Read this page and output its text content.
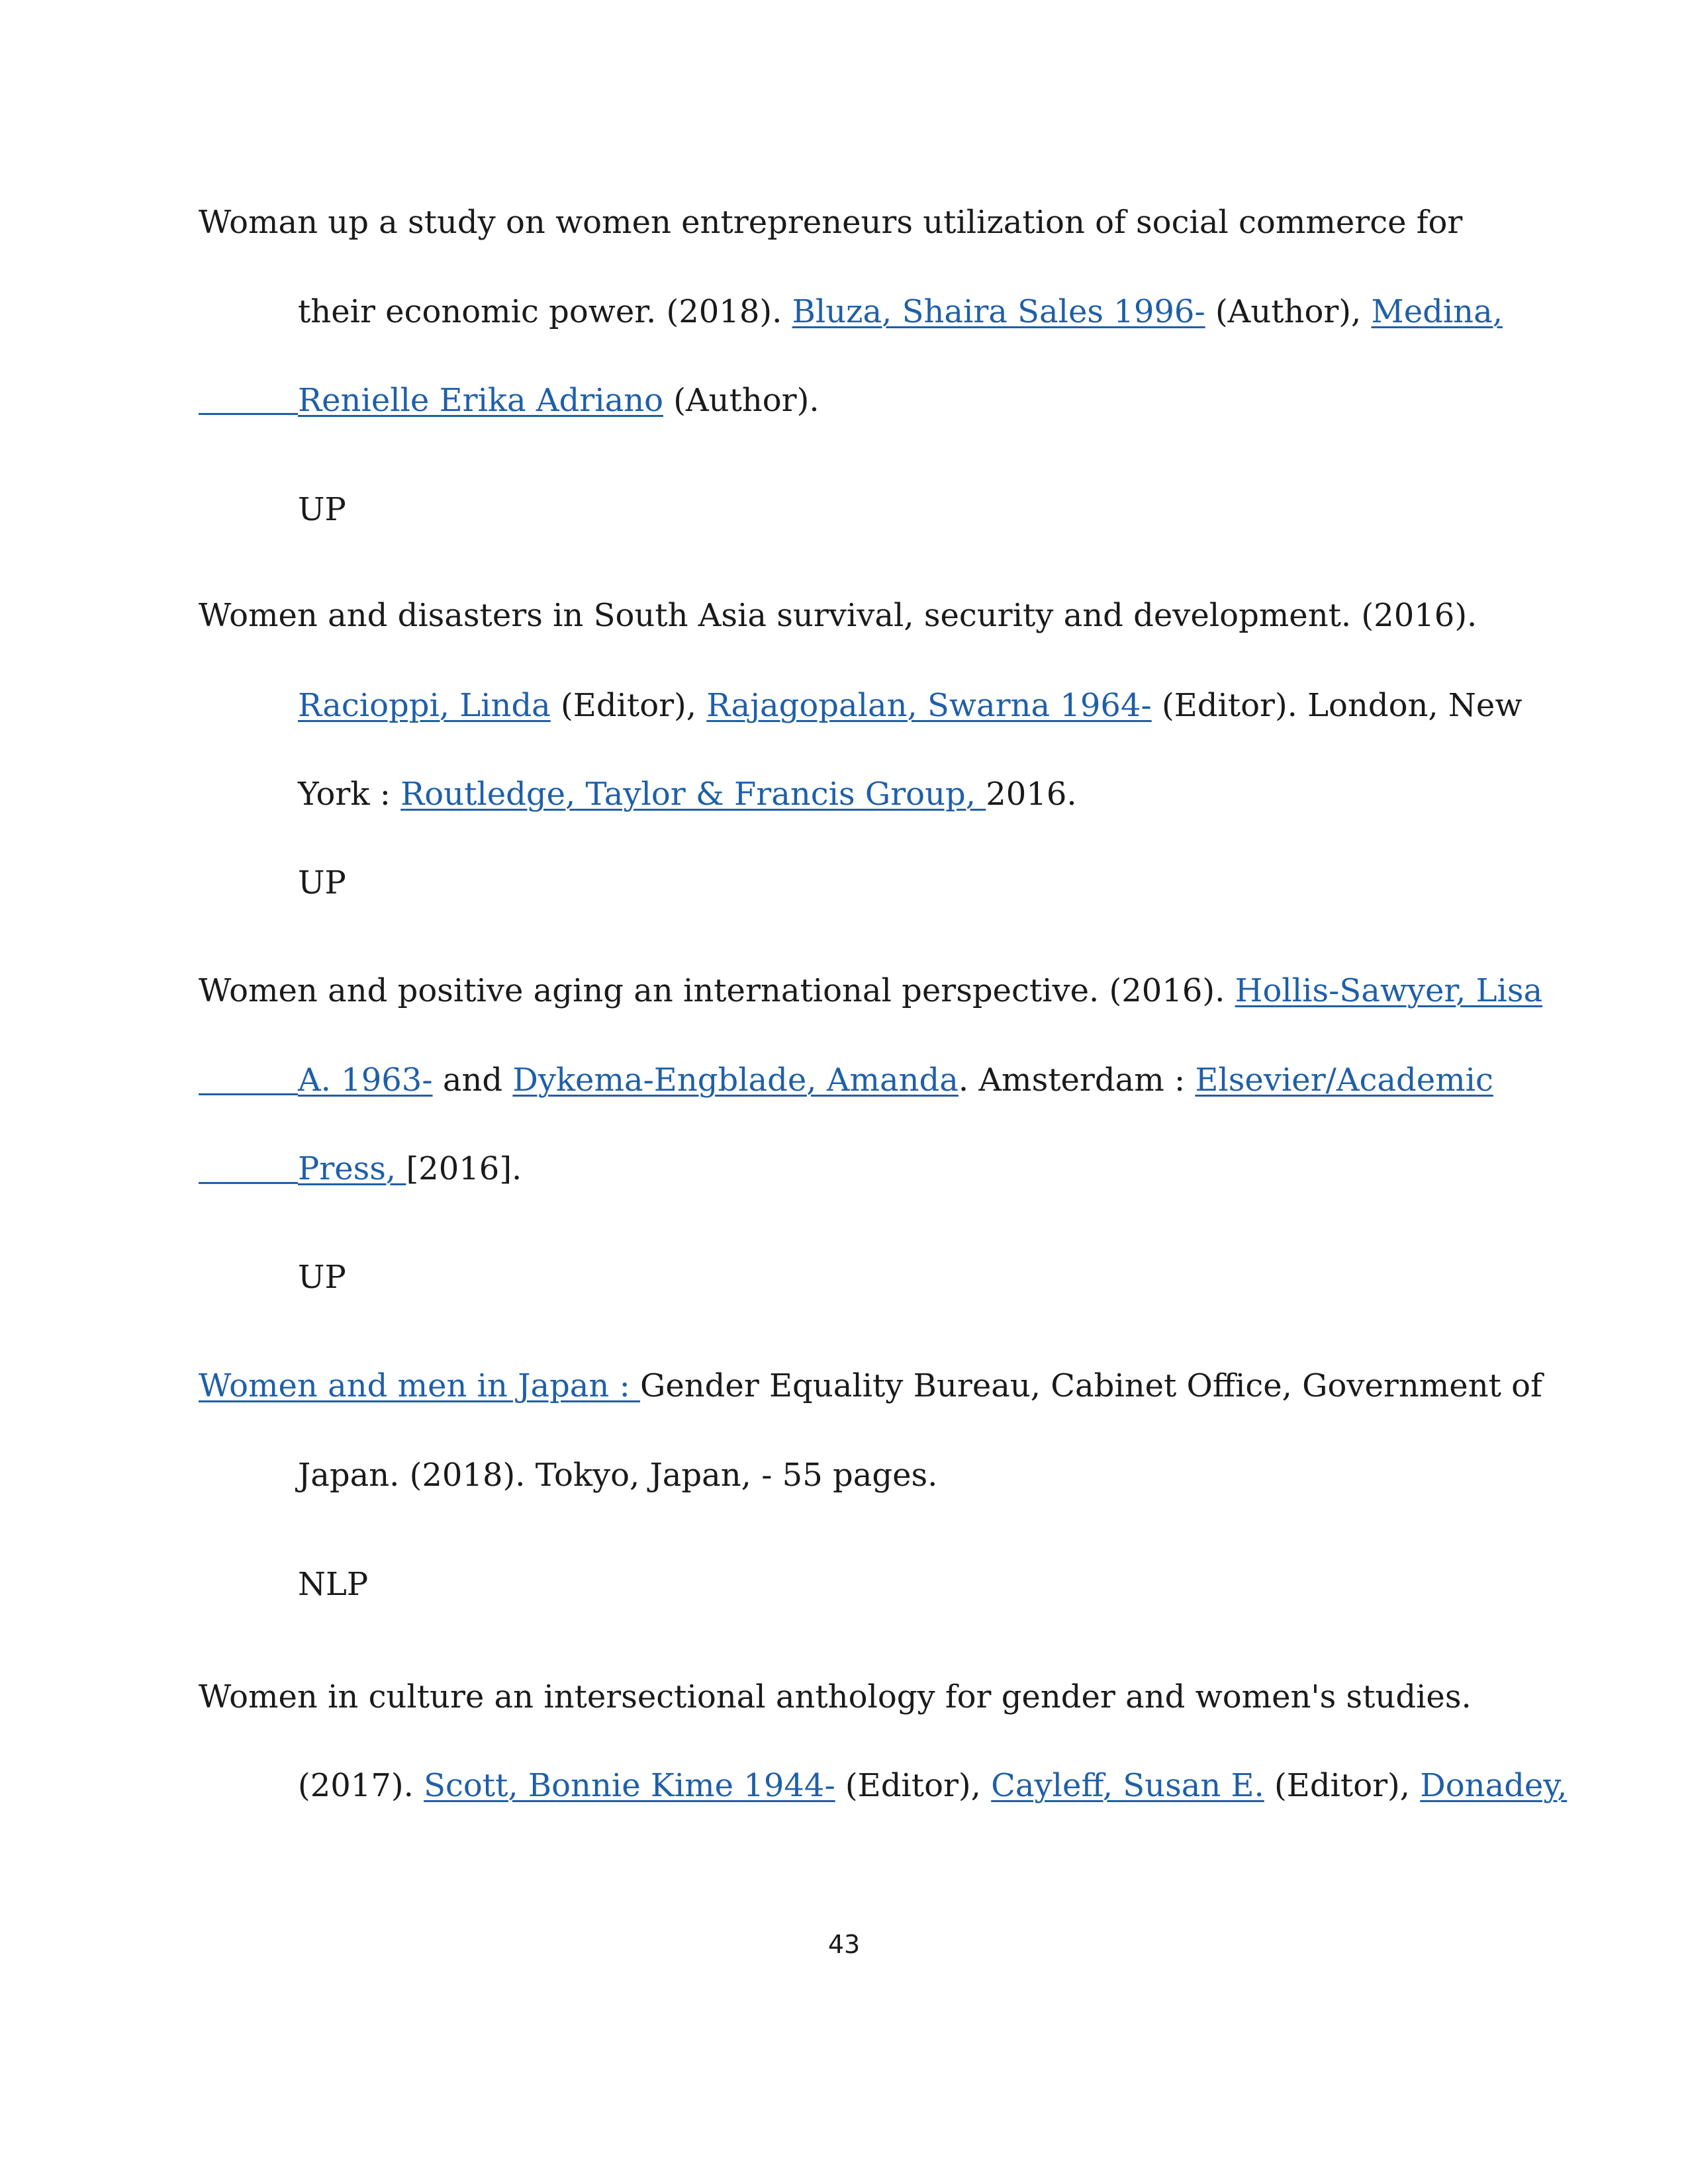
Woman up a study on women entrepreneurs utilization of social commerce for
their economic power. (2018). Bluza, Shaira Sales 1996- (Author), Medina,
Renielle Erika Adriano (Author).
UP
Women and disasters in South Asia survival, security and development. (2016).
Racioppi, Linda (Editor), Rajagopalan, Swarna 1964- (Editor). London, New
York : Routledge, Taylor & Francis Group, 2016.
UP
Women and positive aging an international perspective. (2016). Hollis-Sawyer, Lisa
A. 1963- and Dykema-Engblade, Amanda. Amsterdam : Elsevier/Academic
Press, [2016].
UP
Women and men in Japan : Gender Equality Bureau, Cabinet Office, Government of
Japan. (2018). Tokyo, Japan, - 55 pages.
NLP
Women in culture an intersectional anthology for gender and women's studies.
(2017). Scott, Bonnie Kime 1944- (Editor), Cayleff, Susan E. (Editor), Donadey,
43
